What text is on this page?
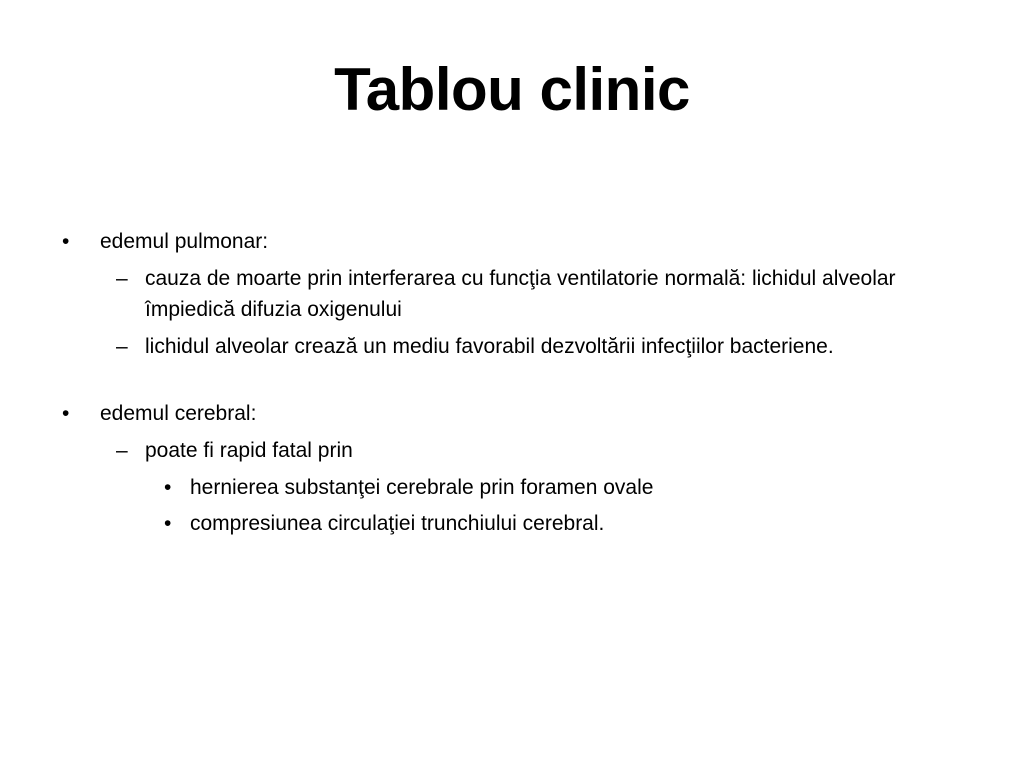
Tablou clinic
• edemul pulmonar:
– cauza de moarte prin interferarea cu funcţia ventilatorie normală: lichidul alveolar împiedică difuzia oxigenului
– lichidul alveolar crează un mediu favorabil dezvoltării infecţiilor bacteriene.
• edemul cerebral:
– poate fi rapid fatal prin
• hernierea substanţei cerebrale prin foramen ovale
• compresiunea circulaţiei trunchiului cerebral.
